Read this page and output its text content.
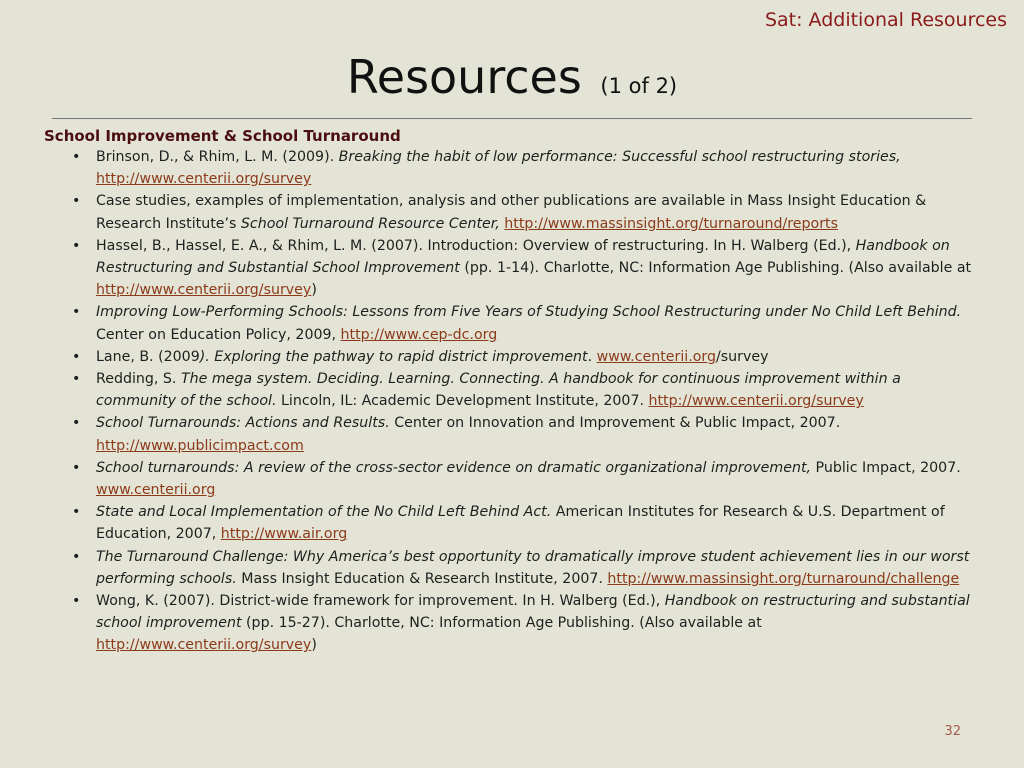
Sat: Additional Resources
Resources (1 of 2)
School Improvement & School Turnaround
• Brinson, D., & Rhim, L. M. (2009). Breaking the habit of low performance: Successful school restructuring stories, http://www.centerii.org/survey
• Case studies, examples of implementation, analysis and other publications are available in Mass Insight Education & Research Institute’s School Turnaround Resource Center, http://www.massinsight.org/turnaround/reports
• Hassel, B., Hassel, E. A., & Rhim, L. M. (2007). Introduction: Overview of restructuring. In H. Walberg (Ed.), Handbook on Restructuring and Substantial School Improvement (pp. 1-14). Charlotte, NC: Information Age Publishing. (Also available at http://www.centerii.org/survey)
• Improving Low-Performing Schools: Lessons from Five Years of Studying School Restructuring under No Child Left Behind. Center on Education Policy, 2009, http://www.cep-dc.org
• Lane, B. (2009). Exploring the pathway to rapid district improvement. www.centerii.org/survey
• Redding, S. The mega system. Deciding. Learning. Connecting. A handbook for continuous improvement within a community of the school. Lincoln, IL: Academic Development Institute, 2007. http://www.centerii.org/survey
• School Turnarounds: Actions and Results. Center on Innovation and Improvement & Public Impact, 2007. http://www.publicimpact.com
• School turnarounds: A review of the cross-sector evidence on dramatic organizational improvement, Public Impact, 2007. www.centerii.org
• State and Local Implementation of the No Child Left Behind Act. American Institutes for Research & U.S. Department of Education, 2007, http://www.air.org
• The Turnaround Challenge: Why America’s best opportunity to dramatically improve student achievement lies in our worst performing schools. Mass Insight Education & Research Institute, 2007. http://www.massinsight.org/turnaround/challenge
• Wong, K. (2007). District-wide framework for improvement. In H. Walberg (Ed.), Handbook on restructuring and substantial school improvement (pp. 15-27). Charlotte, NC: Information Age Publishing. (Also available at http://www.centerii.org/survey)
32
